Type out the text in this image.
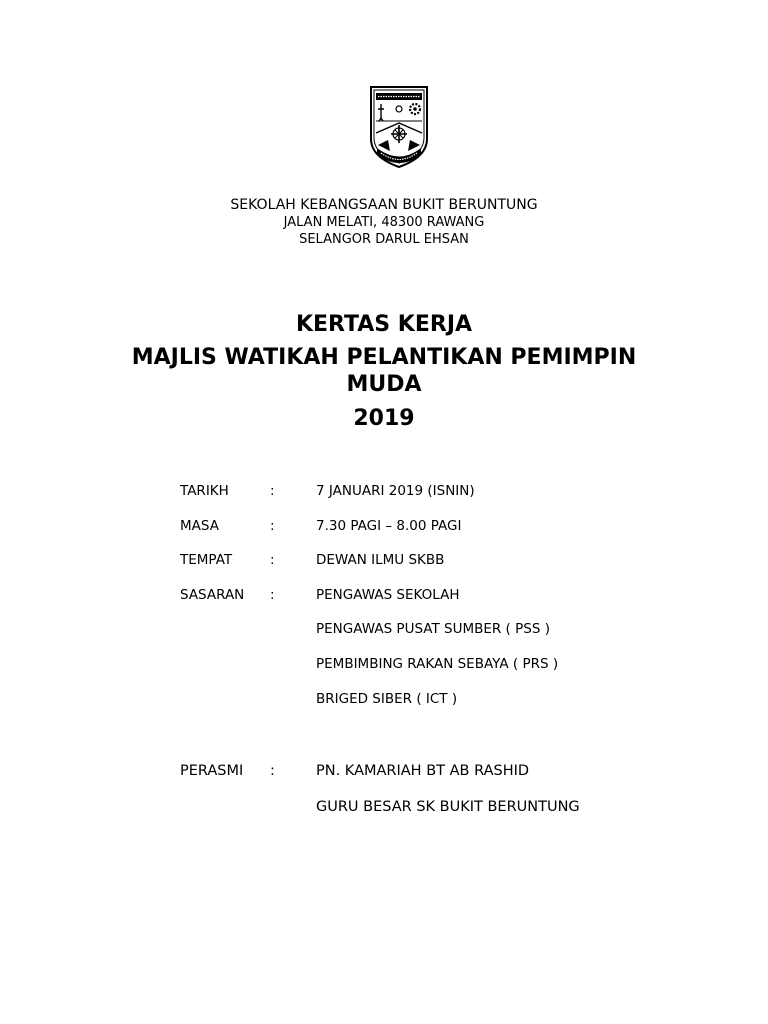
SEKOLAH KEBANGSAAN BUKIT BERUNTUNG
JALAN MELATI, 48300 RAWANG
SELANGOR DARUL EHSAN
KERTAS KERJA
MAJLIS WATIKAH PELANTIKAN PEMIMPIN MUDA
2019
TARIKH	:	7 JANUARI 2019 (ISNIN)
MASA	:	7.30 PAGI – 8.00 PAGI
TEMPAT	:	DEWAN ILMU SKBB
SASARAN :	PENGAWAS SEKOLAH
PENGAWAS PUSAT SUMBER ( PSS )
PEMBIMBING RAKAN SEBAYA ( PRS )
BRIGED SIBER ( ICT )
PERASMI :	PN. KAMARIAH BT AB RASHID
GURU BESAR SK BUKIT BERUNTUNG
